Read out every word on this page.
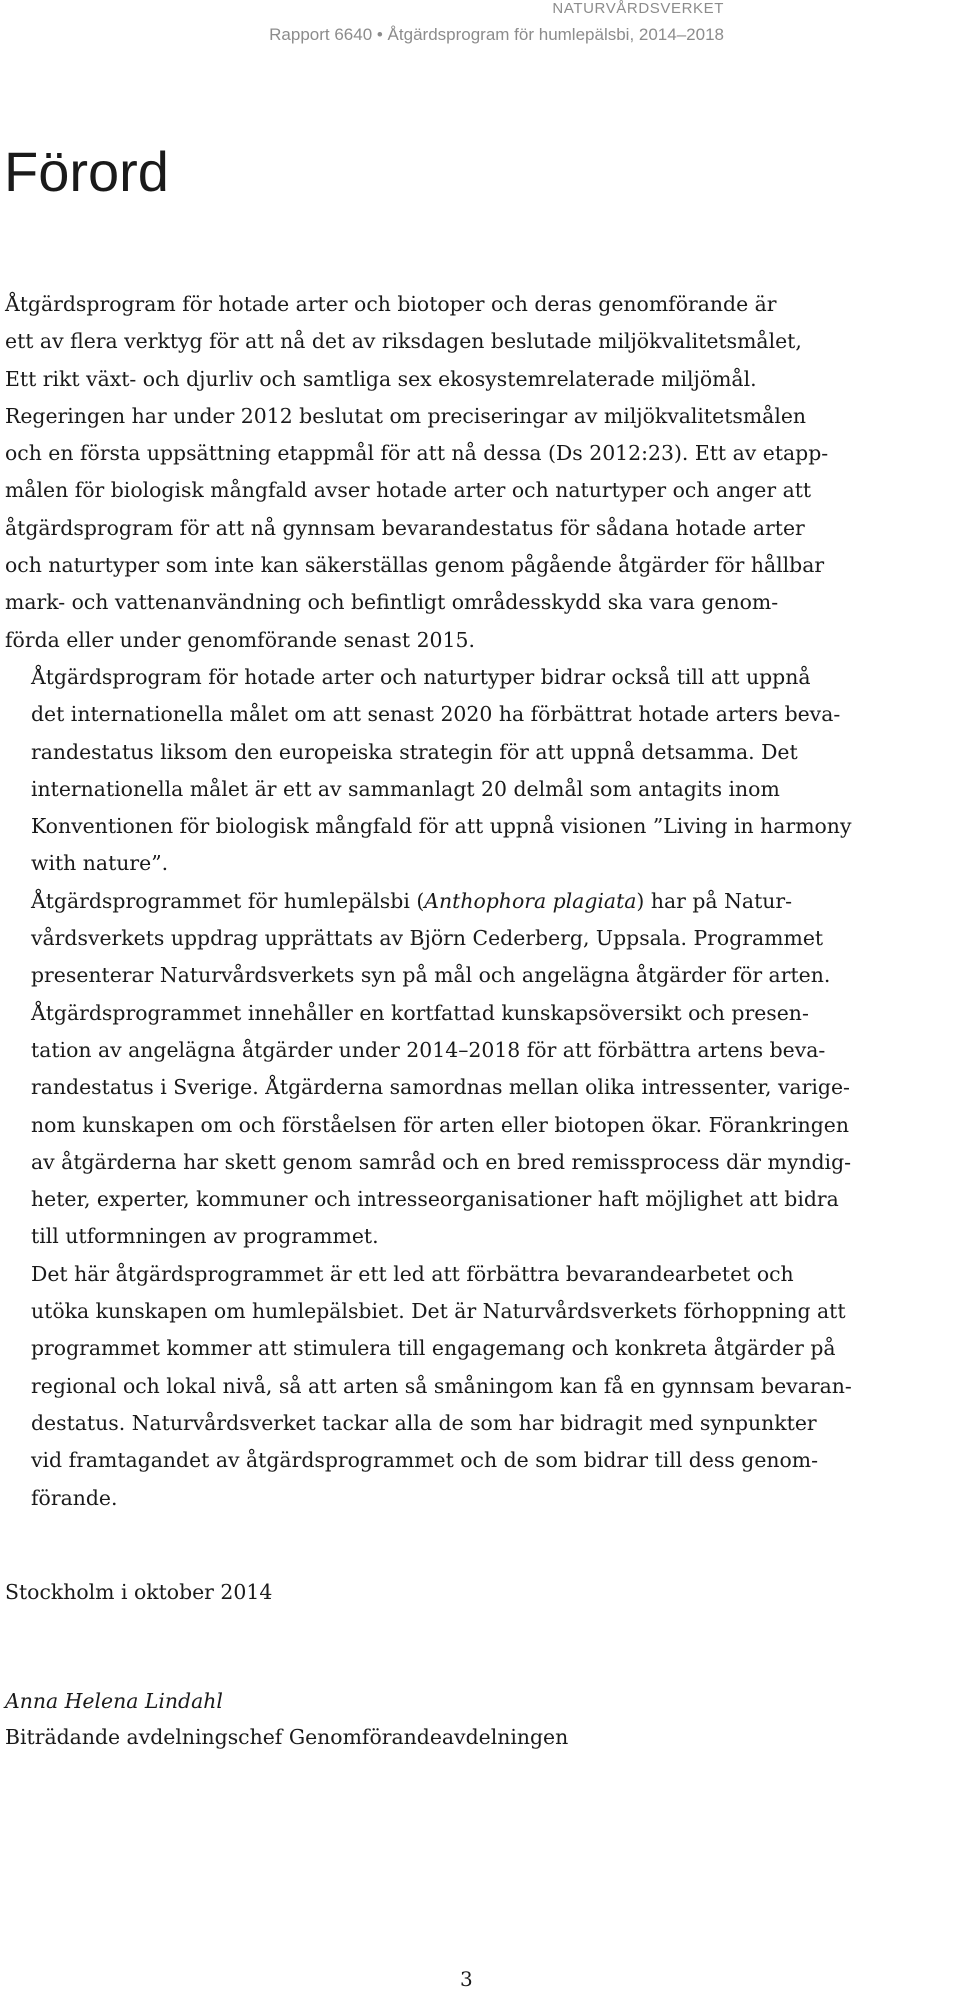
NATURVÅRDSVERKET
Rapport 6640 • Åtgärdsprogram för humlepälsbi, 2014–2018
Förord

Åtgärdsprogram för hotade arter och biotoper och deras genomförande är
ett av flera verktyg för att nå det av riksdagen beslutade miljökvalitetsmålet,
Ett rikt växt- och djurliv och samtliga sex ekosystemrelaterade miljömål.
Regeringen har under 2012 beslutat om preciseringar av miljökvalitetsmålen
och en första uppsättning etappmål för att nå dessa (Ds 2012:23). Ett av etapp-
målen för biologisk mångfald avser hotade arter och naturtyper och anger att
åtgärdsprogram för att nå gynnsam bevarandestatus för sådana hotade arter
och naturtyper som inte kan säkerställas genom pågående åtgärder för hållbar
mark- och vattenanvändning och befintligt områdesskydd ska vara genom-
förda eller under genomförande senast 2015.

Åtgärdsprogram för hotade arter och naturtyper bidrar också till att uppnå
det internationella målet om att senast 2020 ha förbättrat hotade arters beva-
randestatus liksom den europeiska strategin för att uppnå detsamma. Det
internationella målet är ett av sammanlagt 20 delmål som antagits inom
Konventionen för biologisk mångfald för att uppnå visionen ”Living in harmony
with nature”.

Åtgärdsprogrammet för humlepälsbi (Anthophora plagiata) har på Natur-
vårdsverkets uppdrag upprättats av Björn Cederberg, Uppsala. Programmet
presenterar Naturvårdsverkets syn på mål och angelägna åtgärder för arten.

Åtgärdsprogrammet innehåller en kortfattad kunskapsöversikt och presen-
tation av angelägna åtgärder under 2014–2018 för att förbättra artens beva-
randestatus i Sverige. Åtgärderna samordnas mellan olika intressenter, varige-
nom kunskapen om och förståelsen för arten eller biotopen ökar. Förankringen
av åtgärderna har skett genom samråd och en bred remissprocess där myndig-
heter, experter, kommuner och intresseorganisationer haft möjlighet att bidra
till utformningen av programmet.

Det här åtgärdsprogrammet är ett led att förbättra bevarandearbetet och
utöka kunskapen om humlepälsbiet. Det är Naturvårdsverkets förhoppning att
programmet kommer att stimulera till engagemang och konkreta åtgärder på
regional och lokal nivå, så att arten så småningom kan få en gynnsam bevaran-
destatus. Naturvårdsverket tackar alla de som har bidragit med synpunkter
vid framtagandet av åtgärdsprogrammet och de som bidrar till dess genom-
förande.

Stockholm i oktober 2014

Anna Helena Lindahl

Biträdande avdelningschef Genomförandeavdelningen

3
